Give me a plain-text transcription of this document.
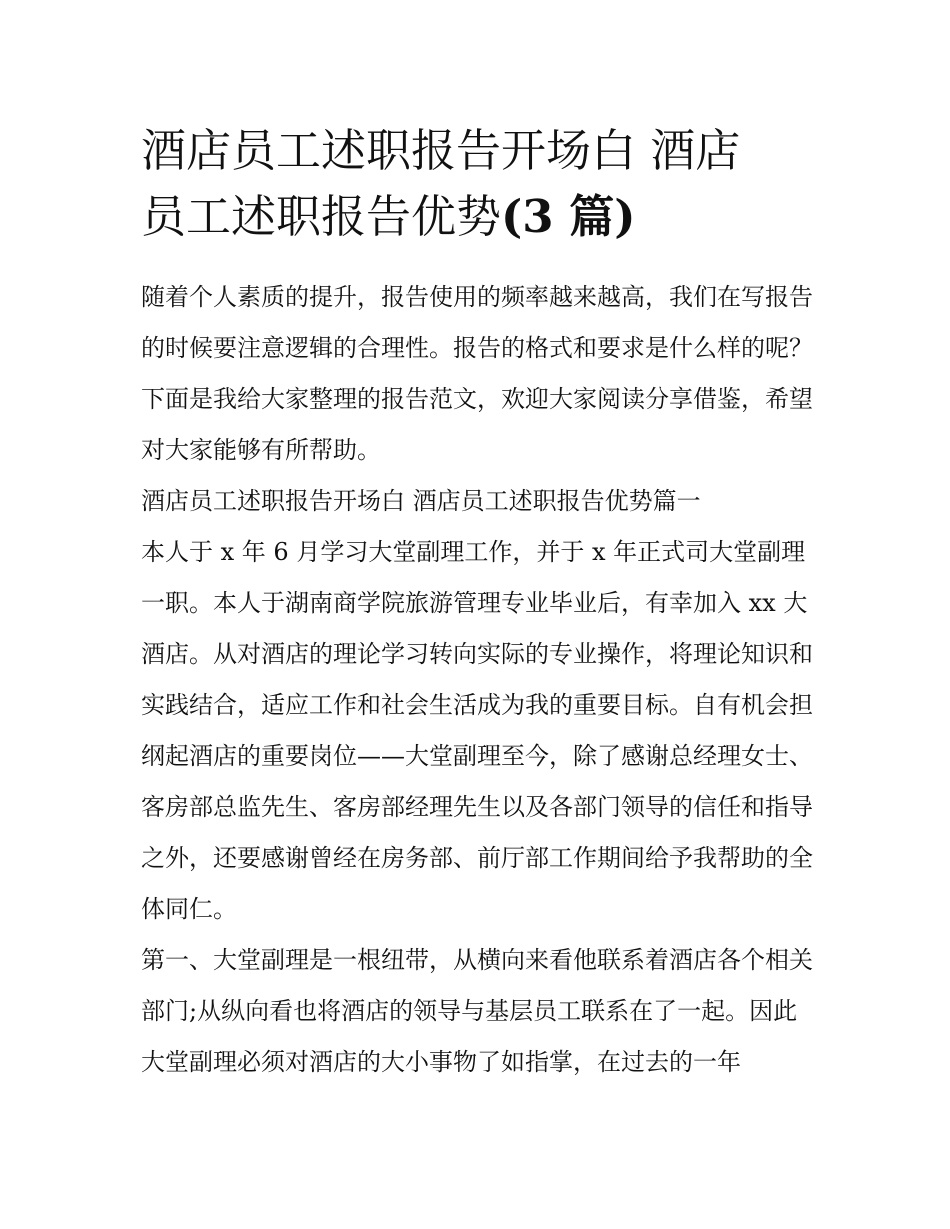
酒店员工述职报告开场白 酒店
员工述职报告优势(3 篇)

随着个人素质的提升，报告使用的频率越来越高，我们在写报告的时候要注意逻辑的合理性。报告的格式和要求是什么样的呢？下面是我给大家整理的报告范文，欢迎大家阅读分享借鉴，希望对大家能够有所帮助。

酒店员工述职报告开场白 酒店员工述职报告优势篇一

本人于 x 年 6 月学习大堂副理工作，并于 x 年正式司大堂副理一职。本人于湖南商学院旅游管理专业毕业后，有幸加入 xx 大酒店。从对酒店的理论学习转向实际的专业操作，将理论知识和实践结合，适应工作和社会生活成为我的重要目标。自有机会担纲起酒店的重要岗位——大堂副理至今，除了感谢总经理女士、客房部总监先生、客房部经理先生以及各部门领导的信任和指导之外，还要感谢曾经在房务部、前厅部工作期间给予我帮助的全体同仁。

第一、大堂副理是一根纽带，从横向来看他联系着酒店各个相关部门;从纵向看也将酒店的领导与基层员工联系在了一起。因此大堂副理必须对酒店的大小事物了如指掌，在过去的一年
